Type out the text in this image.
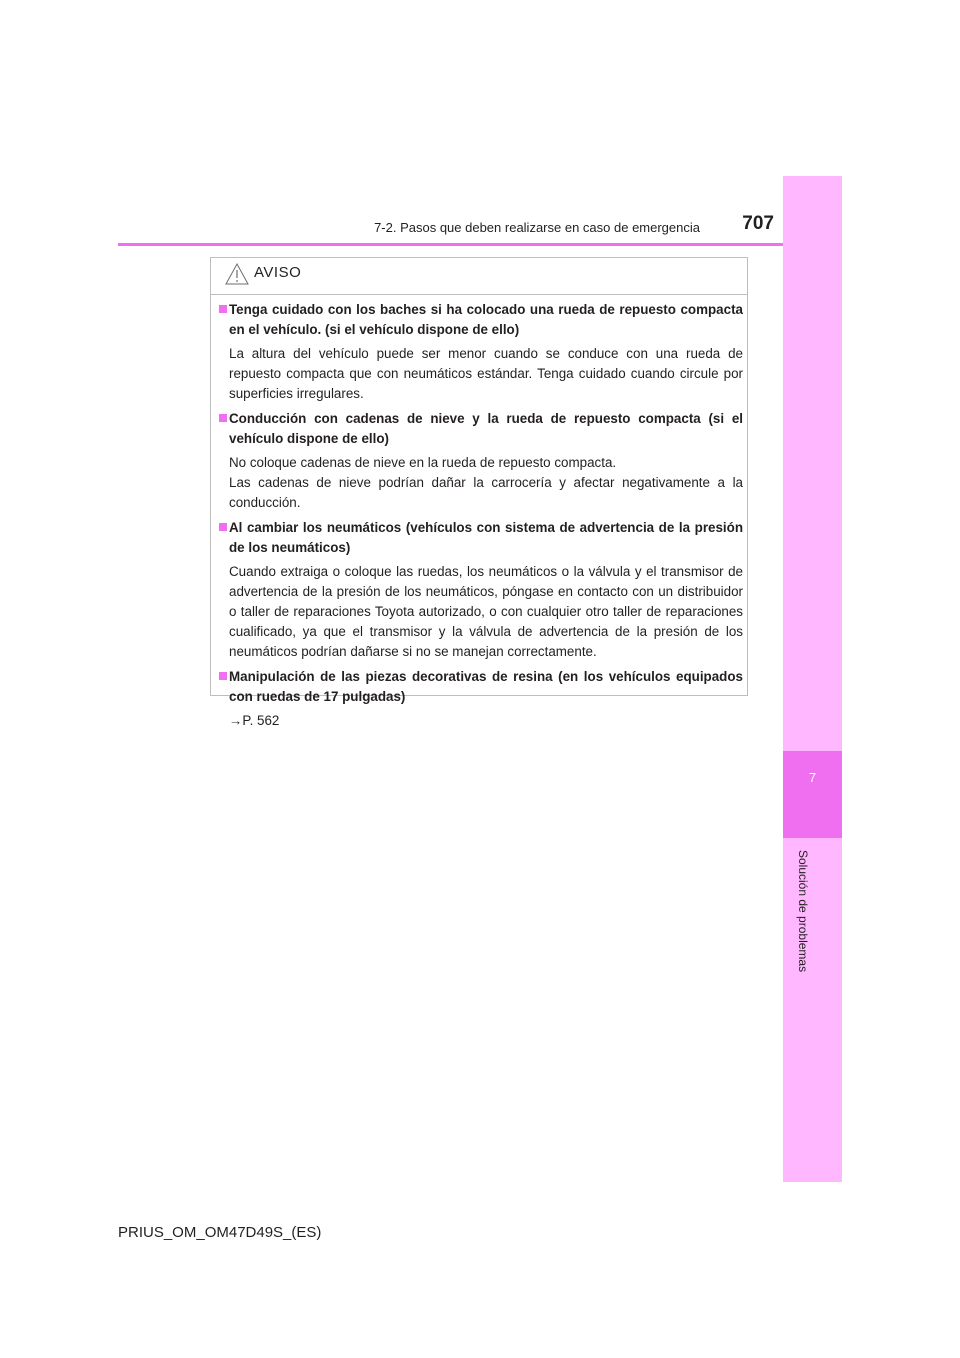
7-2. Pasos que deben realizarse en caso de emergencia	707
7
Solución de problemas
AVISO
Tenga cuidado con los baches si ha colocado una rueda de repuesto compacta en el vehículo. (si el vehículo dispone de ello)

La altura del vehículo puede ser menor cuando se conduce con una rueda de repuesto compacta que con neumáticos estándar. Tenga cuidado cuando circule por superficies irregulares.

Conducción con cadenas de nieve y la rueda de repuesto compacta (si el vehículo dispone de ello)

No coloque cadenas de nieve en la rueda de repuesto compacta.

Las cadenas de nieve podrían dañar la carrocería y afectar negativamente a la conducción.

Al cambiar los neumáticos (vehículos con sistema de advertencia de la presión de los neumáticos)

Cuando extraiga o coloque las ruedas, los neumáticos o la válvula y el transmisor de advertencia de la presión de los neumáticos, póngase en contacto con un distribuidor o taller de reparaciones Toyota autorizado, o con cualquier otro taller de reparaciones cualificado, ya que el transmisor y la válvula de advertencia de la presión de los neumáticos podrían dañarse si no se manejan correctamente.

Manipulación de las piezas decorativas de resina (en los vehículos equipados con ruedas de 17 pulgadas)

→P. 562

PRIUS_OM_OM47D49S_(ES)
